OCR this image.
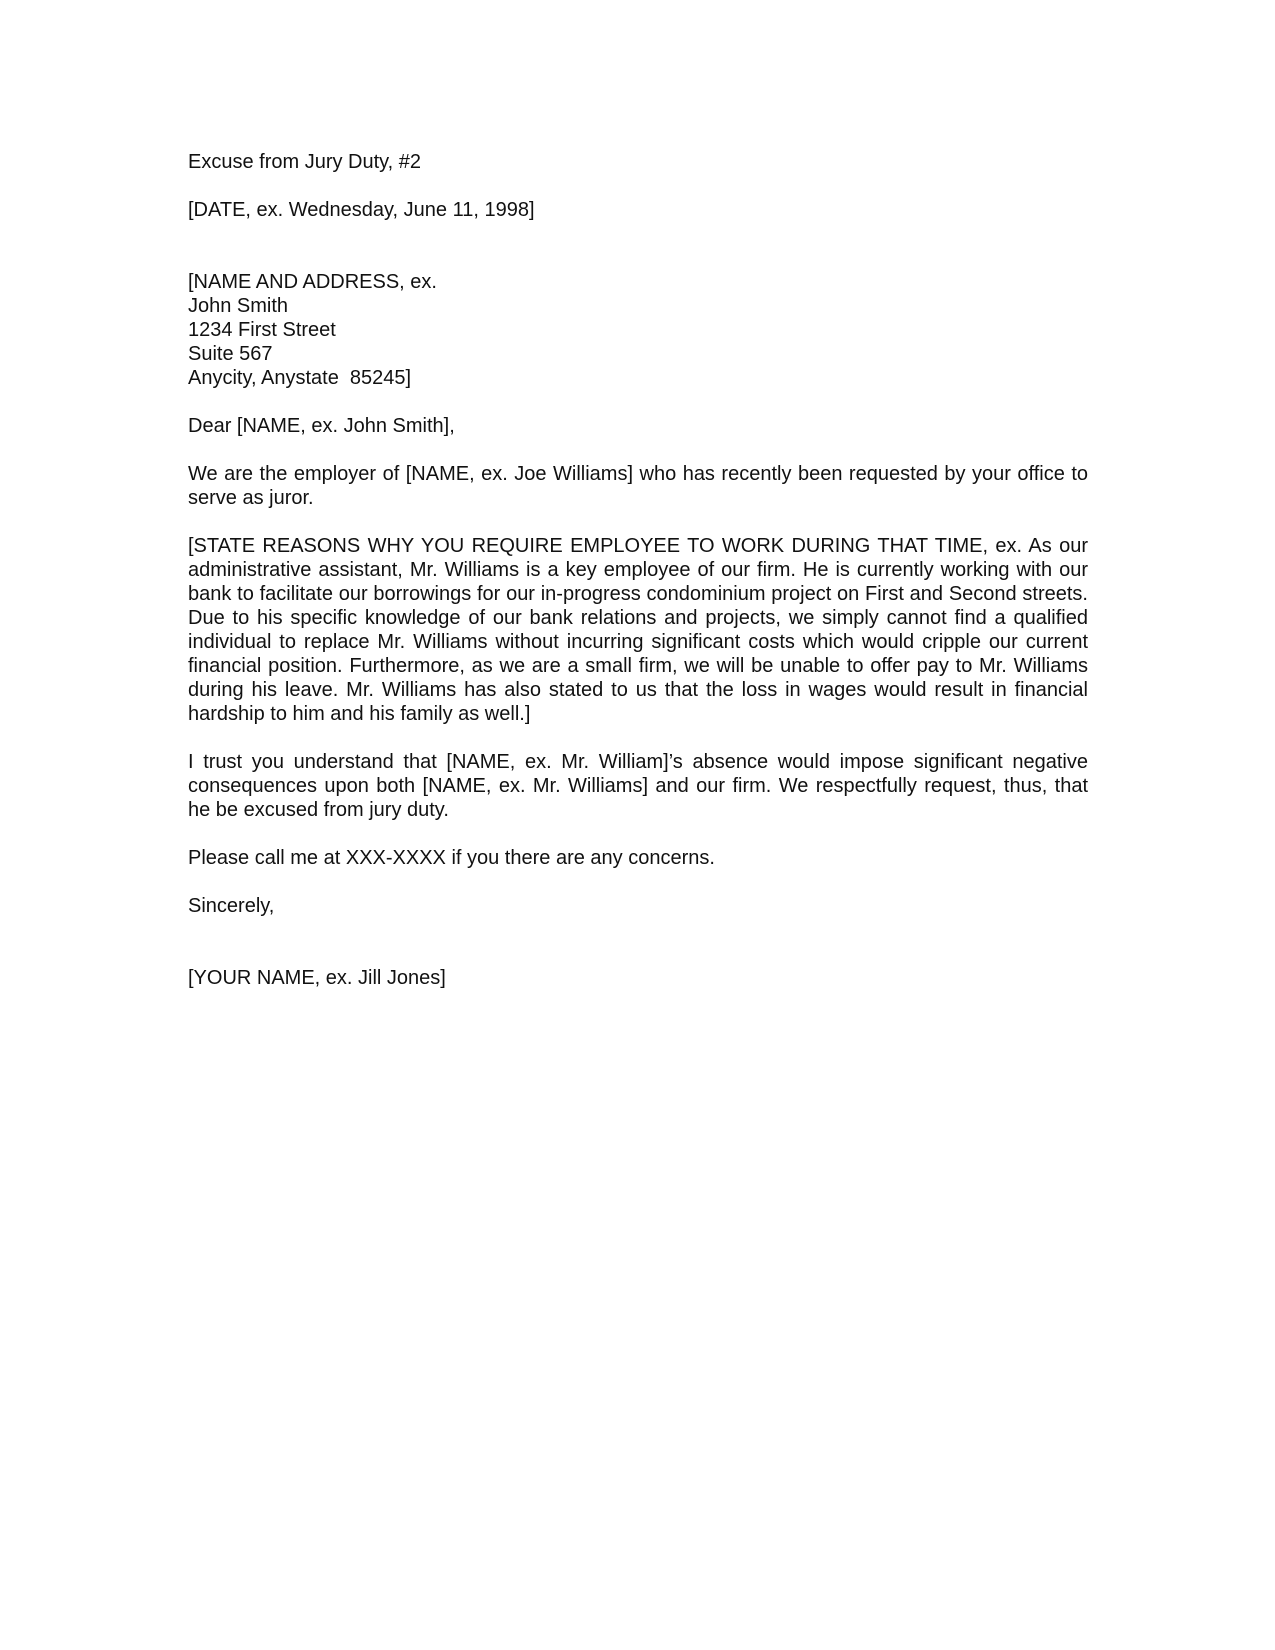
Excuse from Jury Duty, #2
[DATE, ex. Wednesday, June 11, 1998]
[NAME AND ADDRESS, ex.
John Smith
1234 First Street
Suite 567
Anycity, Anystate  85245]
Dear [NAME, ex. John Smith],

We are the employer of [NAME, ex. Joe Williams] who has recently been requested by your office to serve as juror.

[STATE REASONS WHY YOU REQUIRE EMPLOYEE TO WORK DURING THAT TIME, ex. As our administrative assistant, Mr. Williams is a key employee of our firm. He is currently working with our bank to facilitate our borrowings for our in-progress condominium project on First and Second streets. Due to his specific knowledge of our bank relations and projects, we simply cannot find a qualified individual to replace Mr. Williams without incurring significant costs which would cripple our current financial position. Furthermore, as we are a small firm, we will be unable to offer pay to Mr. Williams during his leave. Mr. Williams has also stated to us that the loss in wages would result in financial hardship to him and his family as well.]

I trust you understand that [NAME, ex. Mr. William]’s absence would impose significant negative consequences upon both [NAME, ex. Mr. Williams] and our firm. We respectfully request, thus, that he be excused from jury duty.

Please call me at XXX-XXXX if you there are any concerns.

Sincerely,
[YOUR NAME, ex. Jill Jones]
